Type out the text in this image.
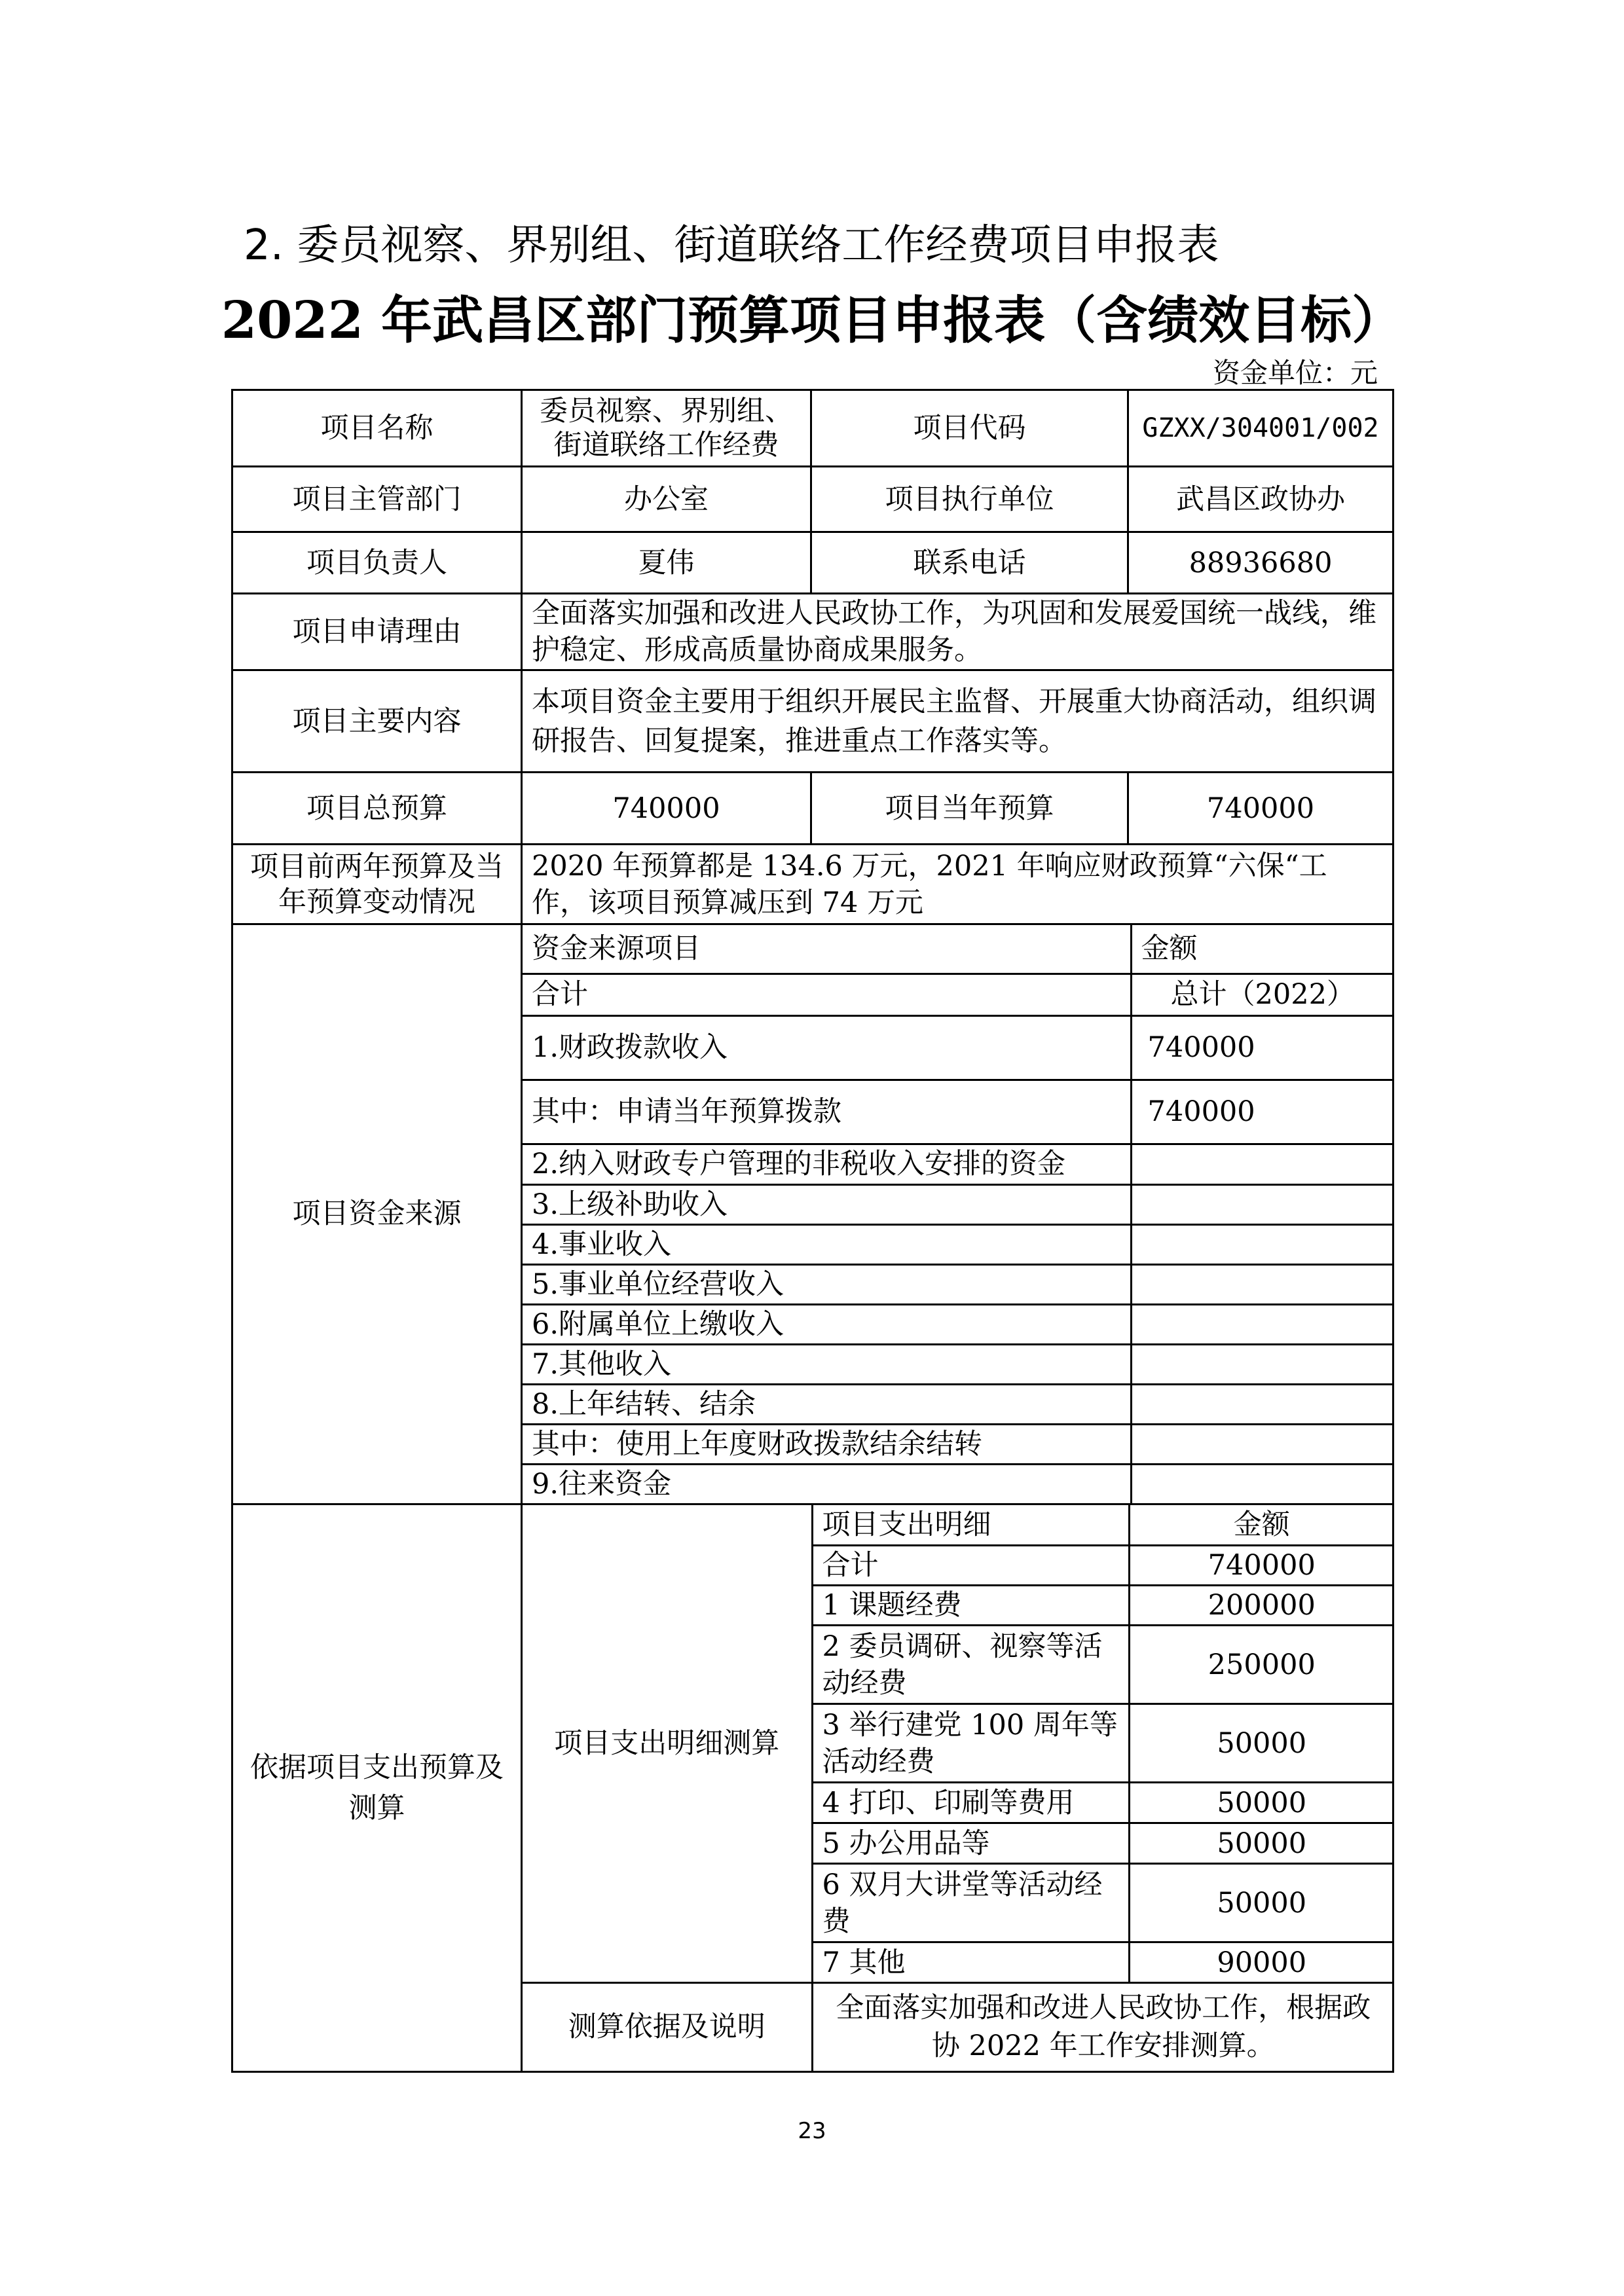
2. 委员视察、界别组、街道联络工作经费项目申报表
2022 年武昌区部门预算项目申报表（含绩效目标）
资金单位：元
项目名称	委员视察、界别组、街道联络工作经费	项目代码	GZXX/304001/002
项目主管部门	办公室	项目执行单位	武昌区政协办
项目负责人	夏伟	联系电话	88936680
项目申请理由	全面落实加强和改进人民政协工作，为巩固和发展爱国统一战线，维护稳定、形成高质量协商成果服务。
项目主要内容	本项目资金主要用于组织开展民主监督、开展重大协商活动，组织调研报告、回复提案，推进重点工作落实等。
项目总预算	740000	项目当年预算	740000
项目前两年预算及当年预算变动情况	2020 年预算都是 134.6 万元，2021 年响应财政预算“六保“工作，该项目预算减压到 74 万元
项目资金来源	
资金来源项目	金额
合计	总计（2022）
1.财政拨款收入	740000
其中：申请当年预算拨款	740000
2.纳入财政专户管理的非税收入安排的资金	
3.上级补助收入	
4.事业收入	
5.事业单位经营收入	
6.附属单位上缴收入	
7.其他收入	
8.上年结转、结余	
其中：使用上年度财政拨款结余结转	
9.往来资金	

依据项目支出预算及测算	
项目支出明细测算	项目支出明细	金额
合计	740000
1 课题经费	200000
2 委员调研、视察等活动经费	250000
3 举行建党 100 周年等活动经费	50000
4 打印、印刷等费用	50000
5 办公用品等	50000
6 双月大讲堂等活动经费	50000
7 其他	90000
测算依据及说明	全面落实加强和改进人民政协工作，根据政协 2022 年工作安排测算。
23
